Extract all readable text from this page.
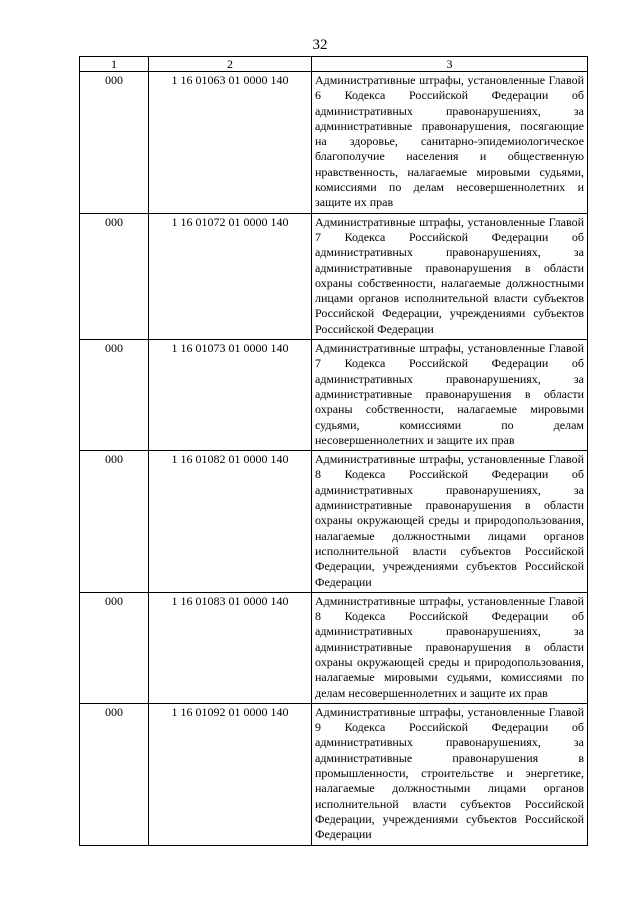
32
1	2	3
000	1 16 01063 01 0000 140	Административные штрафы, установленные Главой 6 Кодекса Российской Федерации об административных правонарушениях, за административные правонарушения, посягающие на здоровье, санитарно-эпидемиологическое благополучие населения и общественную нравственность, налагаемые мировыми судьями, комиссиями по делам несовершеннолетних и защите их прав
000	1 16 01072 01 0000 140	Административные штрафы, установленные Главой 7 Кодекса Российской Федерации об административных правонарушениях, за административные правонарушения в области охраны собственности, налагаемые должностными лицами органов исполнительной власти субъектов Российской Федерации, учреждениями субъектов Российской Федерации
000	1 16 01073 01 0000 140	Административные штрафы, установленные Главой 7 Кодекса Российской Федерации об административных правонарушениях, за административные правонарушения в области охраны собственности, налагаемые мировыми судьями, комиссиями по делам несовершеннолетних и защите их прав
000	1 16 01082 01 0000 140	Административные штрафы, установленные Главой 8 Кодекса Российской Федерации об административных правонарушениях, за административные правонарушения в области охраны окружающей среды и природопользования, налагаемые должностными лицами органов исполнительной власти субъектов Российской Федерации, учреждениями субъектов Российской Федерации
000	1 16 01083 01 0000 140	Административные штрафы, установленные Главой 8 Кодекса Российской Федерации об административных правонарушениях, за административные правонарушения в области охраны окружающей среды и природопользования, налагаемые мировыми судьями, комиссиями по делам несовершеннолетних и защите их прав
000	1 16 01092 01 0000 140	Административные штрафы, установленные Главой 9 Кодекса Российской Федерации об административных правонарушениях, за административные правонарушения в промышленности, строительстве и энергетике, налагаемые должностными лицами органов исполнительной власти субъектов Российской Федерации, учреждениями субъектов Российской Федерации
